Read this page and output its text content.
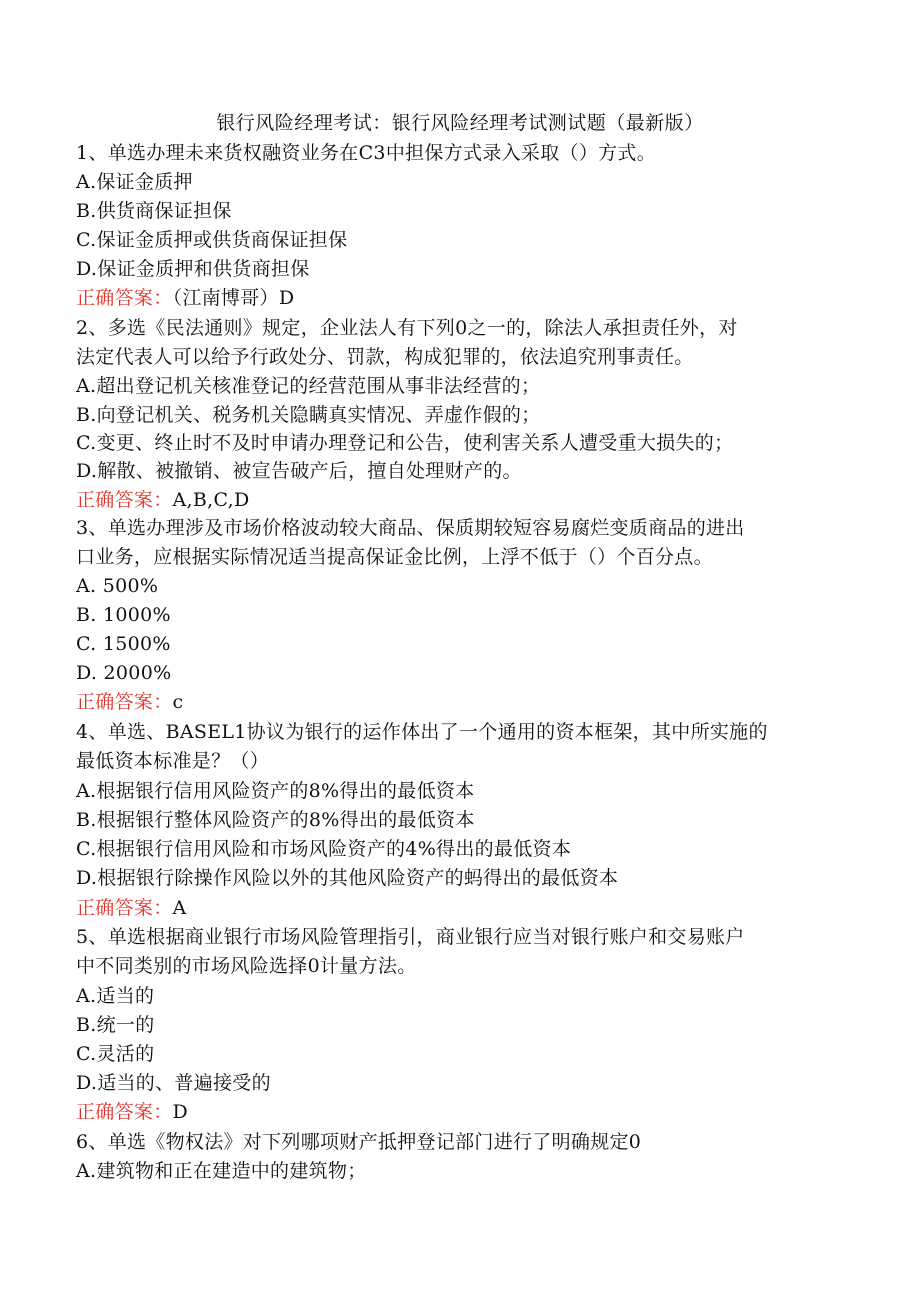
银行风险经理考试：银行风险经理考试测试题（最新版）
1、单选办理未来货权融资业务在C3中担保方式录入采取（）方式。
A.保证金质押
B.供货商保证担保
C.保证金质押或供货商保证担保
D.保证金质押和供货商担保
正确答案：（江南博哥）D
2、多选《民法通则》规定，企业法人有下列0之一的，除法人承担责任外，对
法定代表人可以给予行政处分、罚款，构成犯罪的，依法追究刑事责任。
A.超出登记机关核准登记的经营范围从事非法经营的；
B.向登记机关、税务机关隐瞒真实情况、弄虚作假的；
C.变更、终止时不及时申请办理登记和公告，使利害关系人遭受重大损失的；
D.解散、被撤销、被宣告破产后，擅自处理财产的。
正确答案：A,B,C,D
3、单选办理涉及市场价格波动较大商品、保质期较短容易腐烂变质商品的进出
口业务，应根据实际情况适当提高保证金比例，上浮不低于（）个百分点。
A. 500%
B. 1000%
C. 1500%
D. 2000%
正确答案：c
4、单选、BASEL1协议为银行的运作体出了一个通用的资本框架，其中所实施的
最低资本标准是？（）
A.根据银行信用风险资产的8%得出的最低资本
B.根据银行整体风险资产的8%得出的最低资本
C.根据银行信用风险和市场风险资产的4%得出的最低资本
D.根据银行除操作风险以外的其他风险资产的蚂得出的最低资本
正确答案：A
5、单选根据商业银行市场风险管理指引，商业银行应当对银行账户和交易账户
中不同类别的市场风险选择0计量方法。
A.适当的
B.统一的
C.灵活的
D.适当的、普遍接受的
正确答案：D
6、单选《物权法》对下列哪项财产抵押登记部门进行了明确规定0
A.建筑物和正在建造中的建筑物；
